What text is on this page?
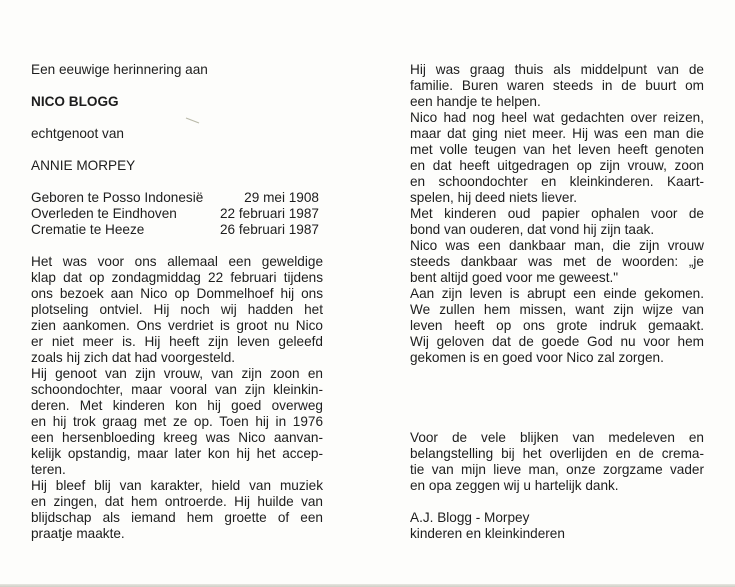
Een eeuwige herinnering aan
NICO BLOGG
echtgenoot van
ANNIE MORPEY
Geboren te Posso Indonesië	29 mei 1908
Overleden te Eindhoven	22 februari 1987
Crematie te Heeze	26 februari 1987
Het was voor ons allemaal een geweldige
klap dat op zondagmiddag 22 februari tijdens
ons bezoek aan Nico op Dommelhoef hij ons
plotseling ontviel. Hij noch wij hadden het
zien aankomen. Ons verdriet is groot nu Nico
er niet meer is. Hij heeft zijn leven geleefd
zoals hij zich dat had voorgesteld.
Hij genoot van zijn vrouw, van zijn zoon en
schoondochter, maar vooral van zijn kleinkin-
deren. Met kinderen kon hij goed overweg
en hij trok graag met ze op. Toen hij in 1976
een hersenbloeding kreeg was Nico aanvan-
kelijk opstandig, maar later kon hij het accep-
teren.
Hij bleef blij van karakter, hield van muziek
en zingen, dat hem ontroerde. Hij huilde van
blijdschap als iemand hem groette of een
praatje maakte.
Hij was graag thuis als middelpunt van de
familie. Buren waren steeds in de buurt om
een handje te helpen.
Nico had nog heel wat gedachten over reizen,
maar dat ging niet meer. Hij was een man die
met volle teugen van het leven heeft genoten
en dat heeft uitgedragen op zijn vrouw, zoon
en schoondochter en kleinkinderen. Kaart-
spelen, hij deed niets liever.
Met kinderen oud papier ophalen voor de
bond van ouderen, dat vond hij zijn taak.
Nico was een dankbaar man, die zijn vrouw
steeds dankbaar was met de woorden: „je
bent altijd goed voor me geweest."
Aan zijn leven is abrupt een einde gekomen.
We zullen hem missen, want zijn wijze van
leven heeft op ons grote indruk gemaakt.
Wij geloven dat de goede God nu voor hem
gekomen is en goed voor Nico zal zorgen.
Voor de vele blijken van medeleven en
belangstelling bij het overlijden en de crema-
tie van mijn lieve man, onze zorgzame vader
en opa zeggen wij u hartelijk dank.
A.J. Blogg - Morpey
kinderen en kleinkinderen
